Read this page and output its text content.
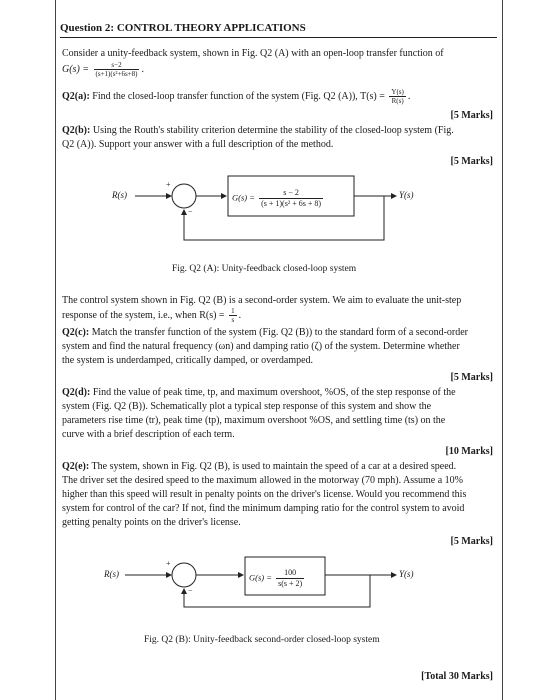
Question 2: CONTROL THEORY APPLICATIONS
Consider a unity-feedback system, shown in Fig. Q2 (A) with an open-loop transfer function of
$G(s) = \frac{s-2}{\text{(s+1)(s²+6s+8)}}$ .
Q2(a): Find the closed-loop transfer function of the system (Fig. Q2 (A)), $T(s) = \frac{Y(s)}{R(s)}$ .
[5 Marks]
Q2(b): Using the Routh's stability criterion determine the stability of the closed-loop system (Fig.
Q2 (A)). Support your answer with a full description of the method.
[5 Marks]
R(s)
+
−
$G(s) = \frac{s - 2}{\text{(s + 1)(s² + 6s + 8)}}$	Y(s)
Fig. Q2 (A): Unity-feedback closed-loop system
The control system shown in Fig. Q2 (B) is a second-order system. We aim to evaluate the unit-step
response of the system, i.e., when $R(s) = \frac{1}{s}$ .
Q2(c): Match the transfer function of the system (Fig. Q2 (B)) to the standard form of a second-order
system and find the natural frequency (ωn) and damping ratio (ζ) of the system. Determine whether
the system is underdamped, critically damped, or overdamped.
[5 Marks]
Q2(d): Find the value of peak time, tp, and maximum overshoot, %OS, of the step response of the
system (Fig. Q2 (B)). Schematically plot a typical step response of this system and show the
parameters rise time (tr), peak time (tp), maximum overshoot %OS, and settling time (ts) on the
curve with a brief description of each term.
[10 Marks]
Q2(e): The system, shown in Fig. Q2 (B), is used to maintain the speed of a car at a desired speed.
The driver set the desired speed to the maximum allowed in the motorway (70 mph). Assume a 10%
higher than this speed will result in penalty points on the driver's license. Would you recommend this
system for control of the car? If not, find the minimum damping ratio for the control system to avoid
getting penalty points on the driver's license.
[5 Marks]
R(s)
+
−
$G(s) = \frac{100}{s(s + 2)}$	Y(s)
Fig. Q2 (B): Unity-feedback second-order closed-loop system
[Total 30 Marks]
